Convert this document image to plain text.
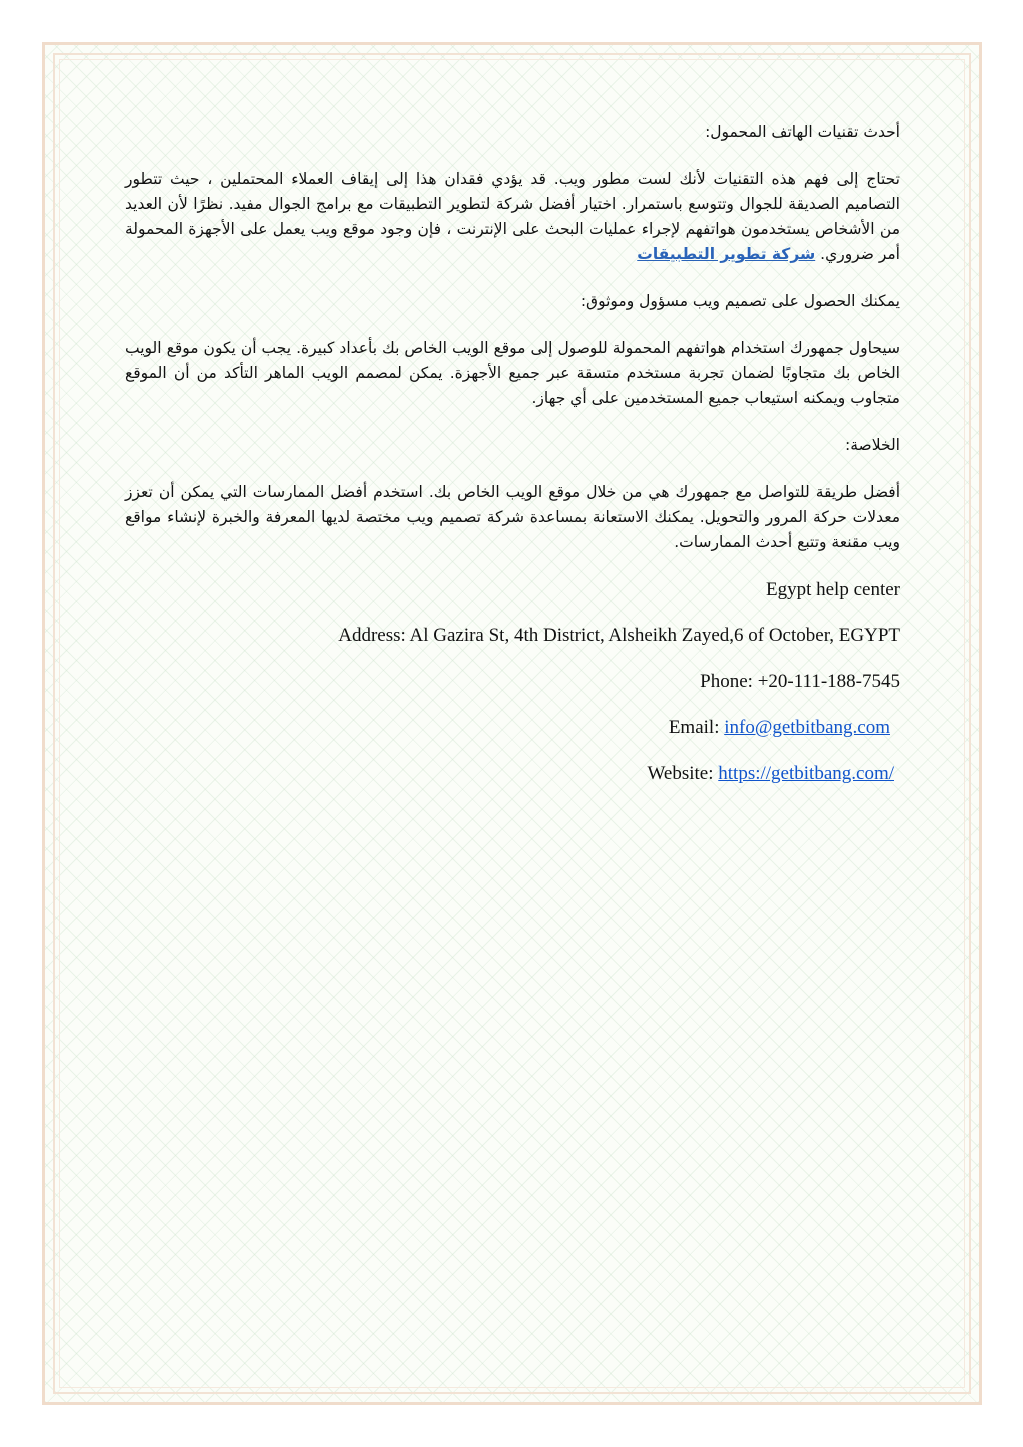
أحدث تقنيات الهاتف المحمول:

تحتاج إلى فهم هذه التقنيات لأنك لست مطور ويب. قد يؤدي فقدان هذا إلى إيقاف العملاء المحتملين ، حيث تتطور التصاميم الصديقة للجوال وتتوسع باستمرار. اختيار أفضل شركة لتطوير التطبيقات مع برامج الجوال مفيد. نظرًا لأن العديد من الأشخاص يستخدمون هواتفهم لإجراء عمليات البحث على الإنترنت ، فإن وجود موقع ويب يعمل على الأجهزة المحمولة أمر ضروري. شركة تطوير التطبيقات

يمكنك الحصول على تصميم ويب مسؤول وموثوق:

سيحاول جمهورك استخدام هواتفهم المحمولة للوصول إلى موقع الويب الخاص بك بأعداد كبيرة. يجب أن يكون موقع الويب الخاص بك متجاوبًا لضمان تجربة مستخدم متسقة عبر جميع الأجهزة. يمكن لمصمم الويب الماهر التأكد من أن الموقع متجاوب ويمكنه استيعاب جميع المستخدمين على أي جهاز.

الخلاصة:

أفضل طريقة للتواصل مع جمهورك هي من خلال موقع الويب الخاص بك. استخدم أفضل الممارسات التي يمكن أن تعزز معدلات حركة المرور والتحويل. يمكنك الاستعانة بمساعدة شركة تصميم ويب مختصة لديها المعرفة والخبرة لإنشاء مواقع ويب مقنعة وتتبع أحدث الممارسات.

Egypt help center

Address: Al Gazira St, 4th District, Alsheikh Zayed,6 of October, EGYPT

Phone: +20-111-188-7545

Email: info@getbitbang.com

Website: https://getbitbang.com/
